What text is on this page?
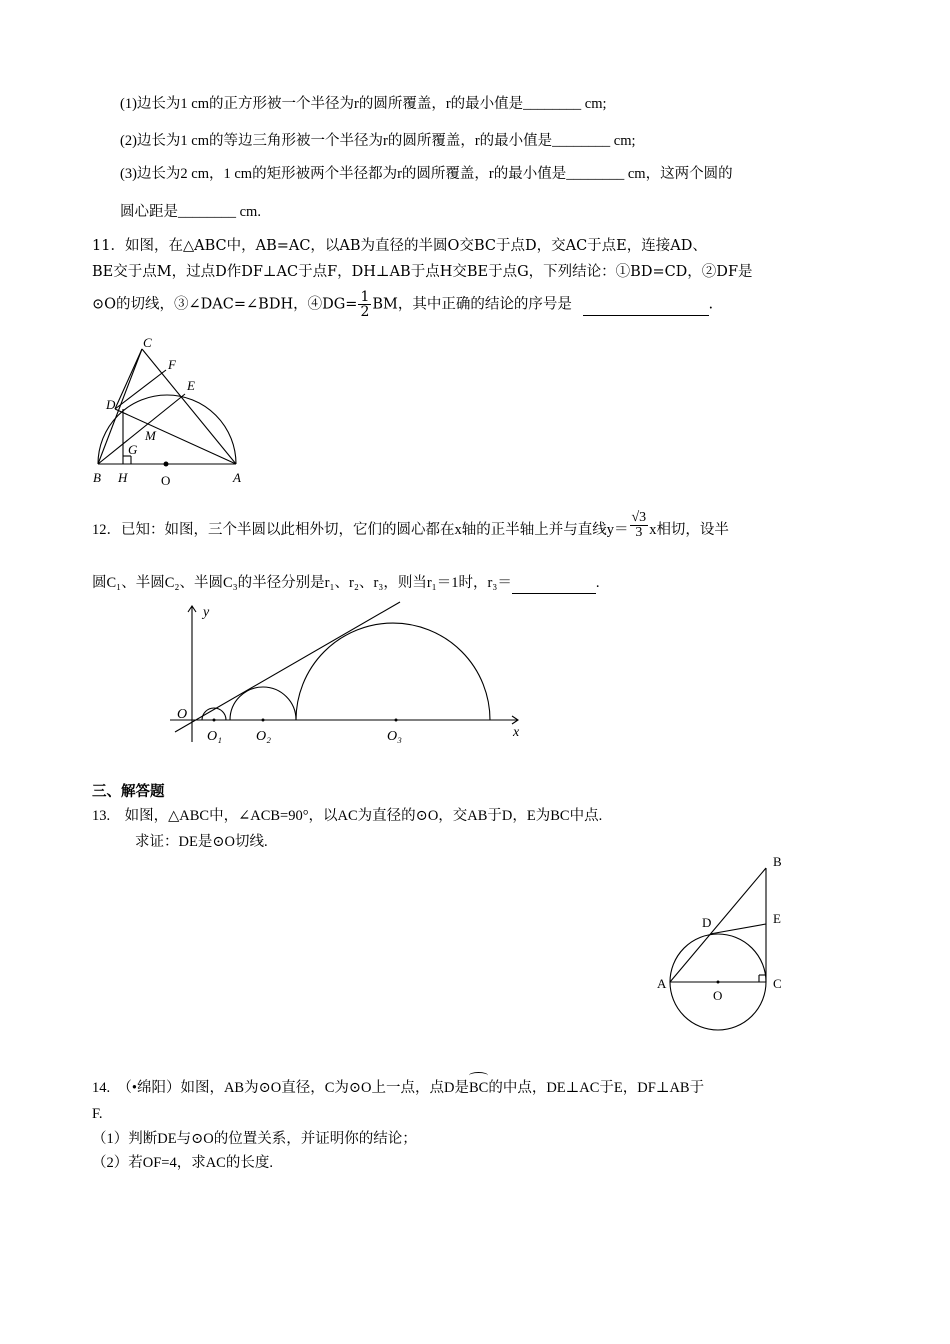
(1)边长为1 cm的正方形被一个半径为r的圆所覆盖，r的最小值是________ cm;
(2)边长为1 cm的等边三角形被一个半径为r的圆所覆盖，r的最小值是________ cm;
(3)边长为2 cm，1 cm的矩形被两个半径都为r的圆所覆盖，r的最小值是________ cm，这两个圆的
圆心距是________ cm.
11．如图，在△ABC中，AB=AC，以AB为直径的半圆O交BC于点D，交AC于点E，连接AD、
BE交于点M，过点D作DF⊥AC于点F，DH⊥AB于点H交BE于点G，下列结论：①BD=CD，②DF是
⊙O的切线，③∠DAC=∠BDH，④DG= $\frac{1}{2}$ BM，其中正确的结论的序号是	.
C
F
E
D
M
G
B H	O	A
12．已知：如图，三个半圆以此相外切，它们的圆心都在x轴的正半轴上并与直线$y= \frac{√3}{3}$ x相切，设半
圆C₁、半圆C₂、半圆C₃的半径分别是r₁、r₂、r₃，则当r₁＝1时，r₃＝	.
y
x
O
O₁ O₂	O₃
三、解答题
13.　如图，△ABC中，∠ACB=90°，以AC为直径的⊙O，交AB于D，E为BC中点.
求证：DE是⊙O切线.
B
E
D
A	C
O
14.　（•绵阳）如图，AB为⊙O直径，C为⊙O上一点，点D是
BC的中点，DE⊥AC于E，DF⊥AB于
F.
（1）判断DE与⊙O的位置关系，并证明你的结论；
（2）若OF=4，求AC的长度.
